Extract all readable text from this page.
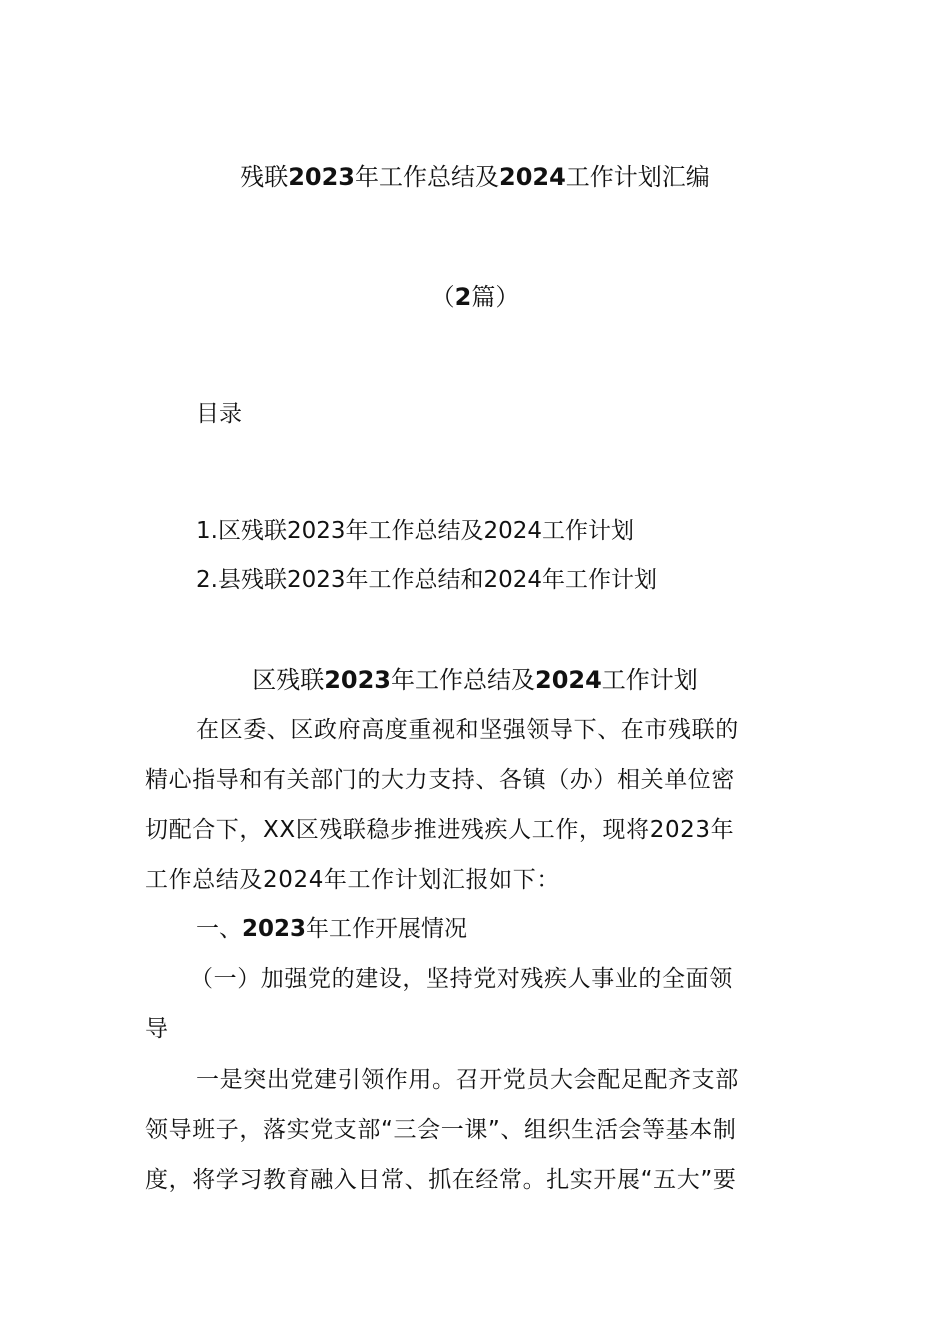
残联2023年工作总结及2024工作计划汇编
（2篇）
目录
1.区残联2023年工作总结及2024工作计划
2.县残联2023年工作总结和2024年工作计划
区残联2023年工作总结及2024工作计划
在区委、区政府高度重视和坚强领导下、在市残联的
精心指导和有关部门的大力支持、各镇（办）相关单位密
切配合下，XX区残联稳步推进残疾人工作，现将2023年
工作总结及2024年工作计划汇报如下：
一、2023年工作开展情况
（一）加强党的建设，坚持党对残疾人事业的全面领
导
一是突出党建引领作用。召开党员大会配足配齐支部
领导班子，落实党支部“三会一课”、组织生活会等基本制
度，将学习教育融入日常、抓在经常。扎实开展“五大”要
